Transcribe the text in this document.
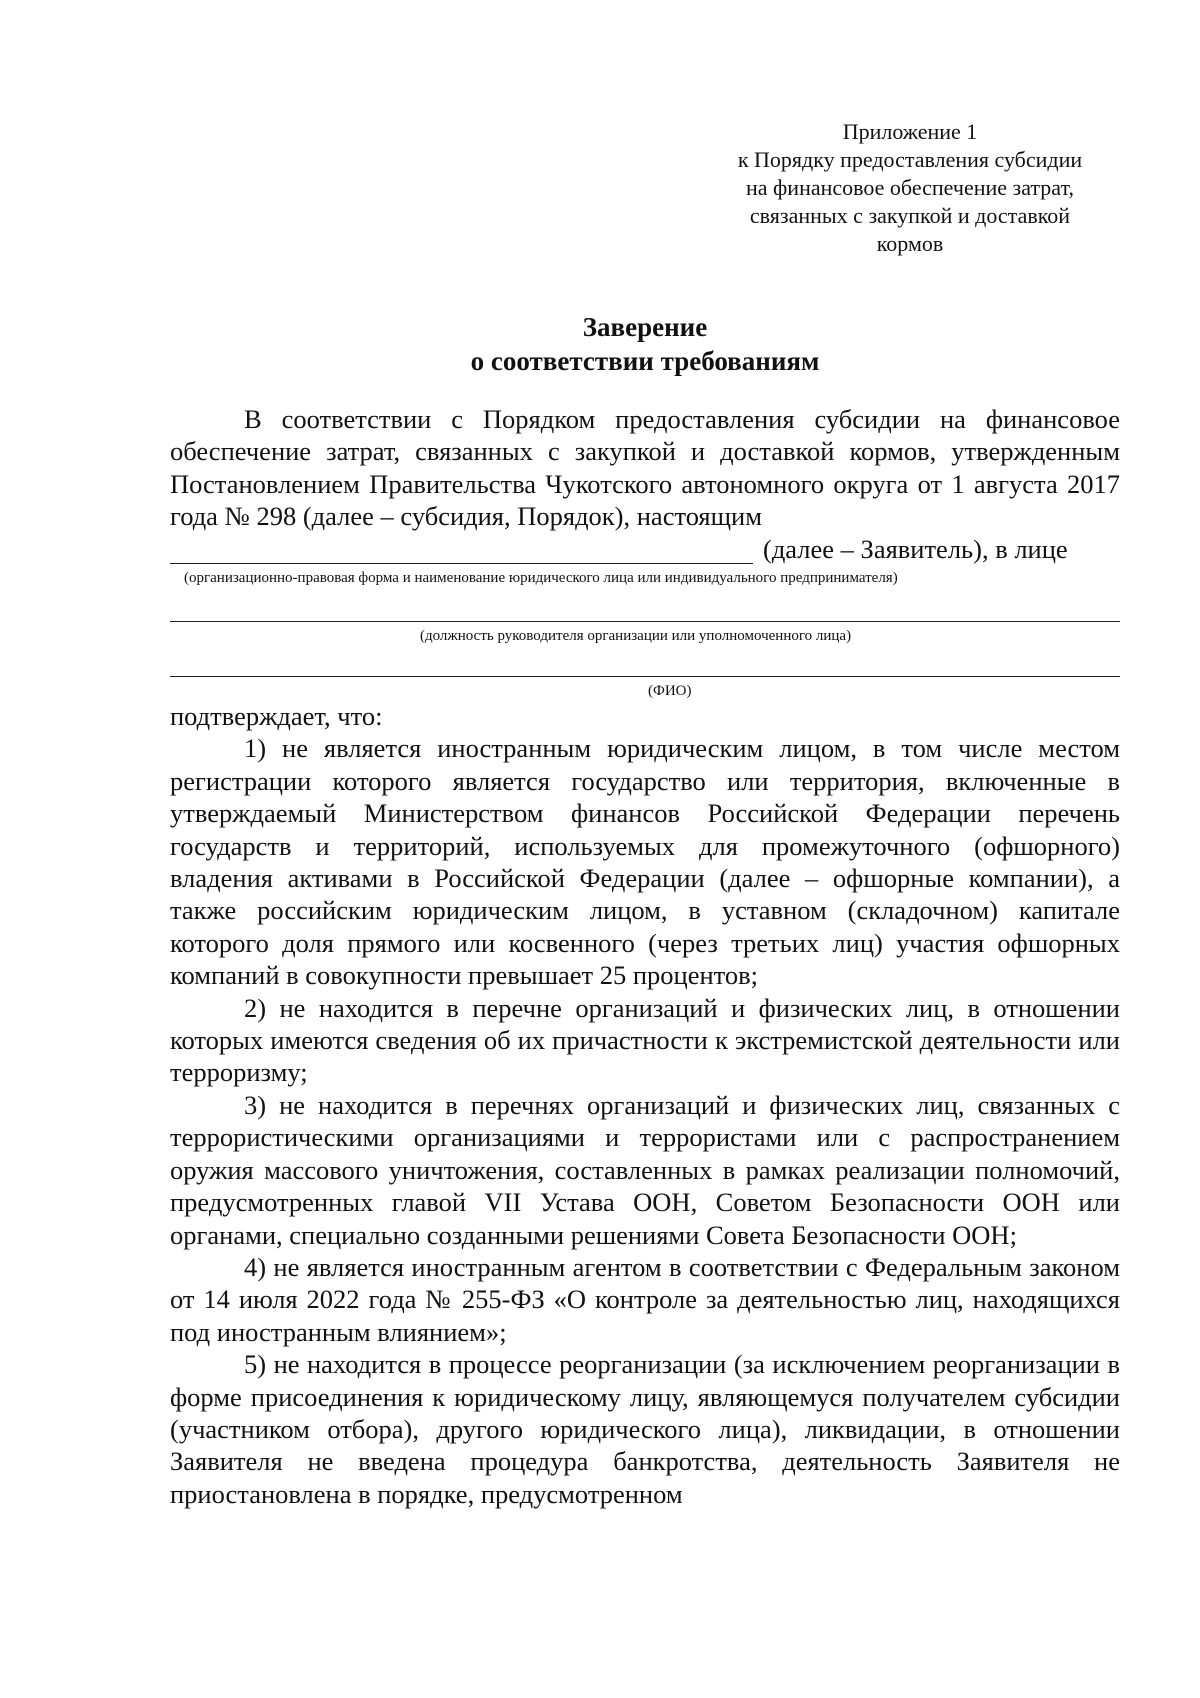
Приложение 1
к Порядку предоставления субсидии
на финансовое обеспечение затрат,
связанных с закупкой и доставкой
кормов
Заверение
о соответствии требованиям
В соответствии с Порядком предоставления субсидии на финансовое обеспечение затрат, связанных с закупкой и доставкой кормов, утвержденным Постановлением Правительства Чукотского автономного округа от 1 августа 2017 года № 298 (далее – субсидия, Порядок), настоящим
(далее – Заявитель), в лице
(организационно-правовая форма и наименование юридического лица или индивидуального предпринимателя)
(должность руководителя организации или уполномоченного лица)
(ФИО)

подтверждает, что:

1) не является иностранным юридическим лицом, в том числе местом регистрации которого является государство или территория, включенные в утверждаемый Министерством финансов Российской Федерации перечень государств и территорий, используемых для промежуточного (офшорного) владения активами в Российской Федерации (далее – офшорные компании), а также российским юридическим лицом, в уставном (складочном) капитале которого доля прямого или косвенного (через третьих лиц) участия офшорных компаний в совокупности превышает 25 процентов;

2) не находится в перечне организаций и физических лиц, в отношении которых имеются сведения об их причастности к экстремистской деятельности или терроризму;

3) не находится в перечнях организаций и физических лиц, связанных с террористическими организациями и террористами или с распространением оружия массового уничтожения, составленных в рамках реализации полномочий, предусмотренных главой VII Устава ООН, Советом Безопасности ООН или органами, специально созданными решениями Совета Безопасности ООН;

4) не является иностранным агентом в соответствии с Федеральным законом от 14 июля 2022 года № 255-ФЗ «О контроле за деятельностью лиц, находящихся под иностранным влиянием»;

5) не находится в процессе реорганизации (за исключением реорганизации в форме присоединения к юридическому лицу, являющемуся получателем субсидии (участником отбора), другого юридического лица), ликвидации, в отношении Заявителя не введена процедура банкротства, деятельность Заявителя не приостановлена в порядке, предусмотренном
